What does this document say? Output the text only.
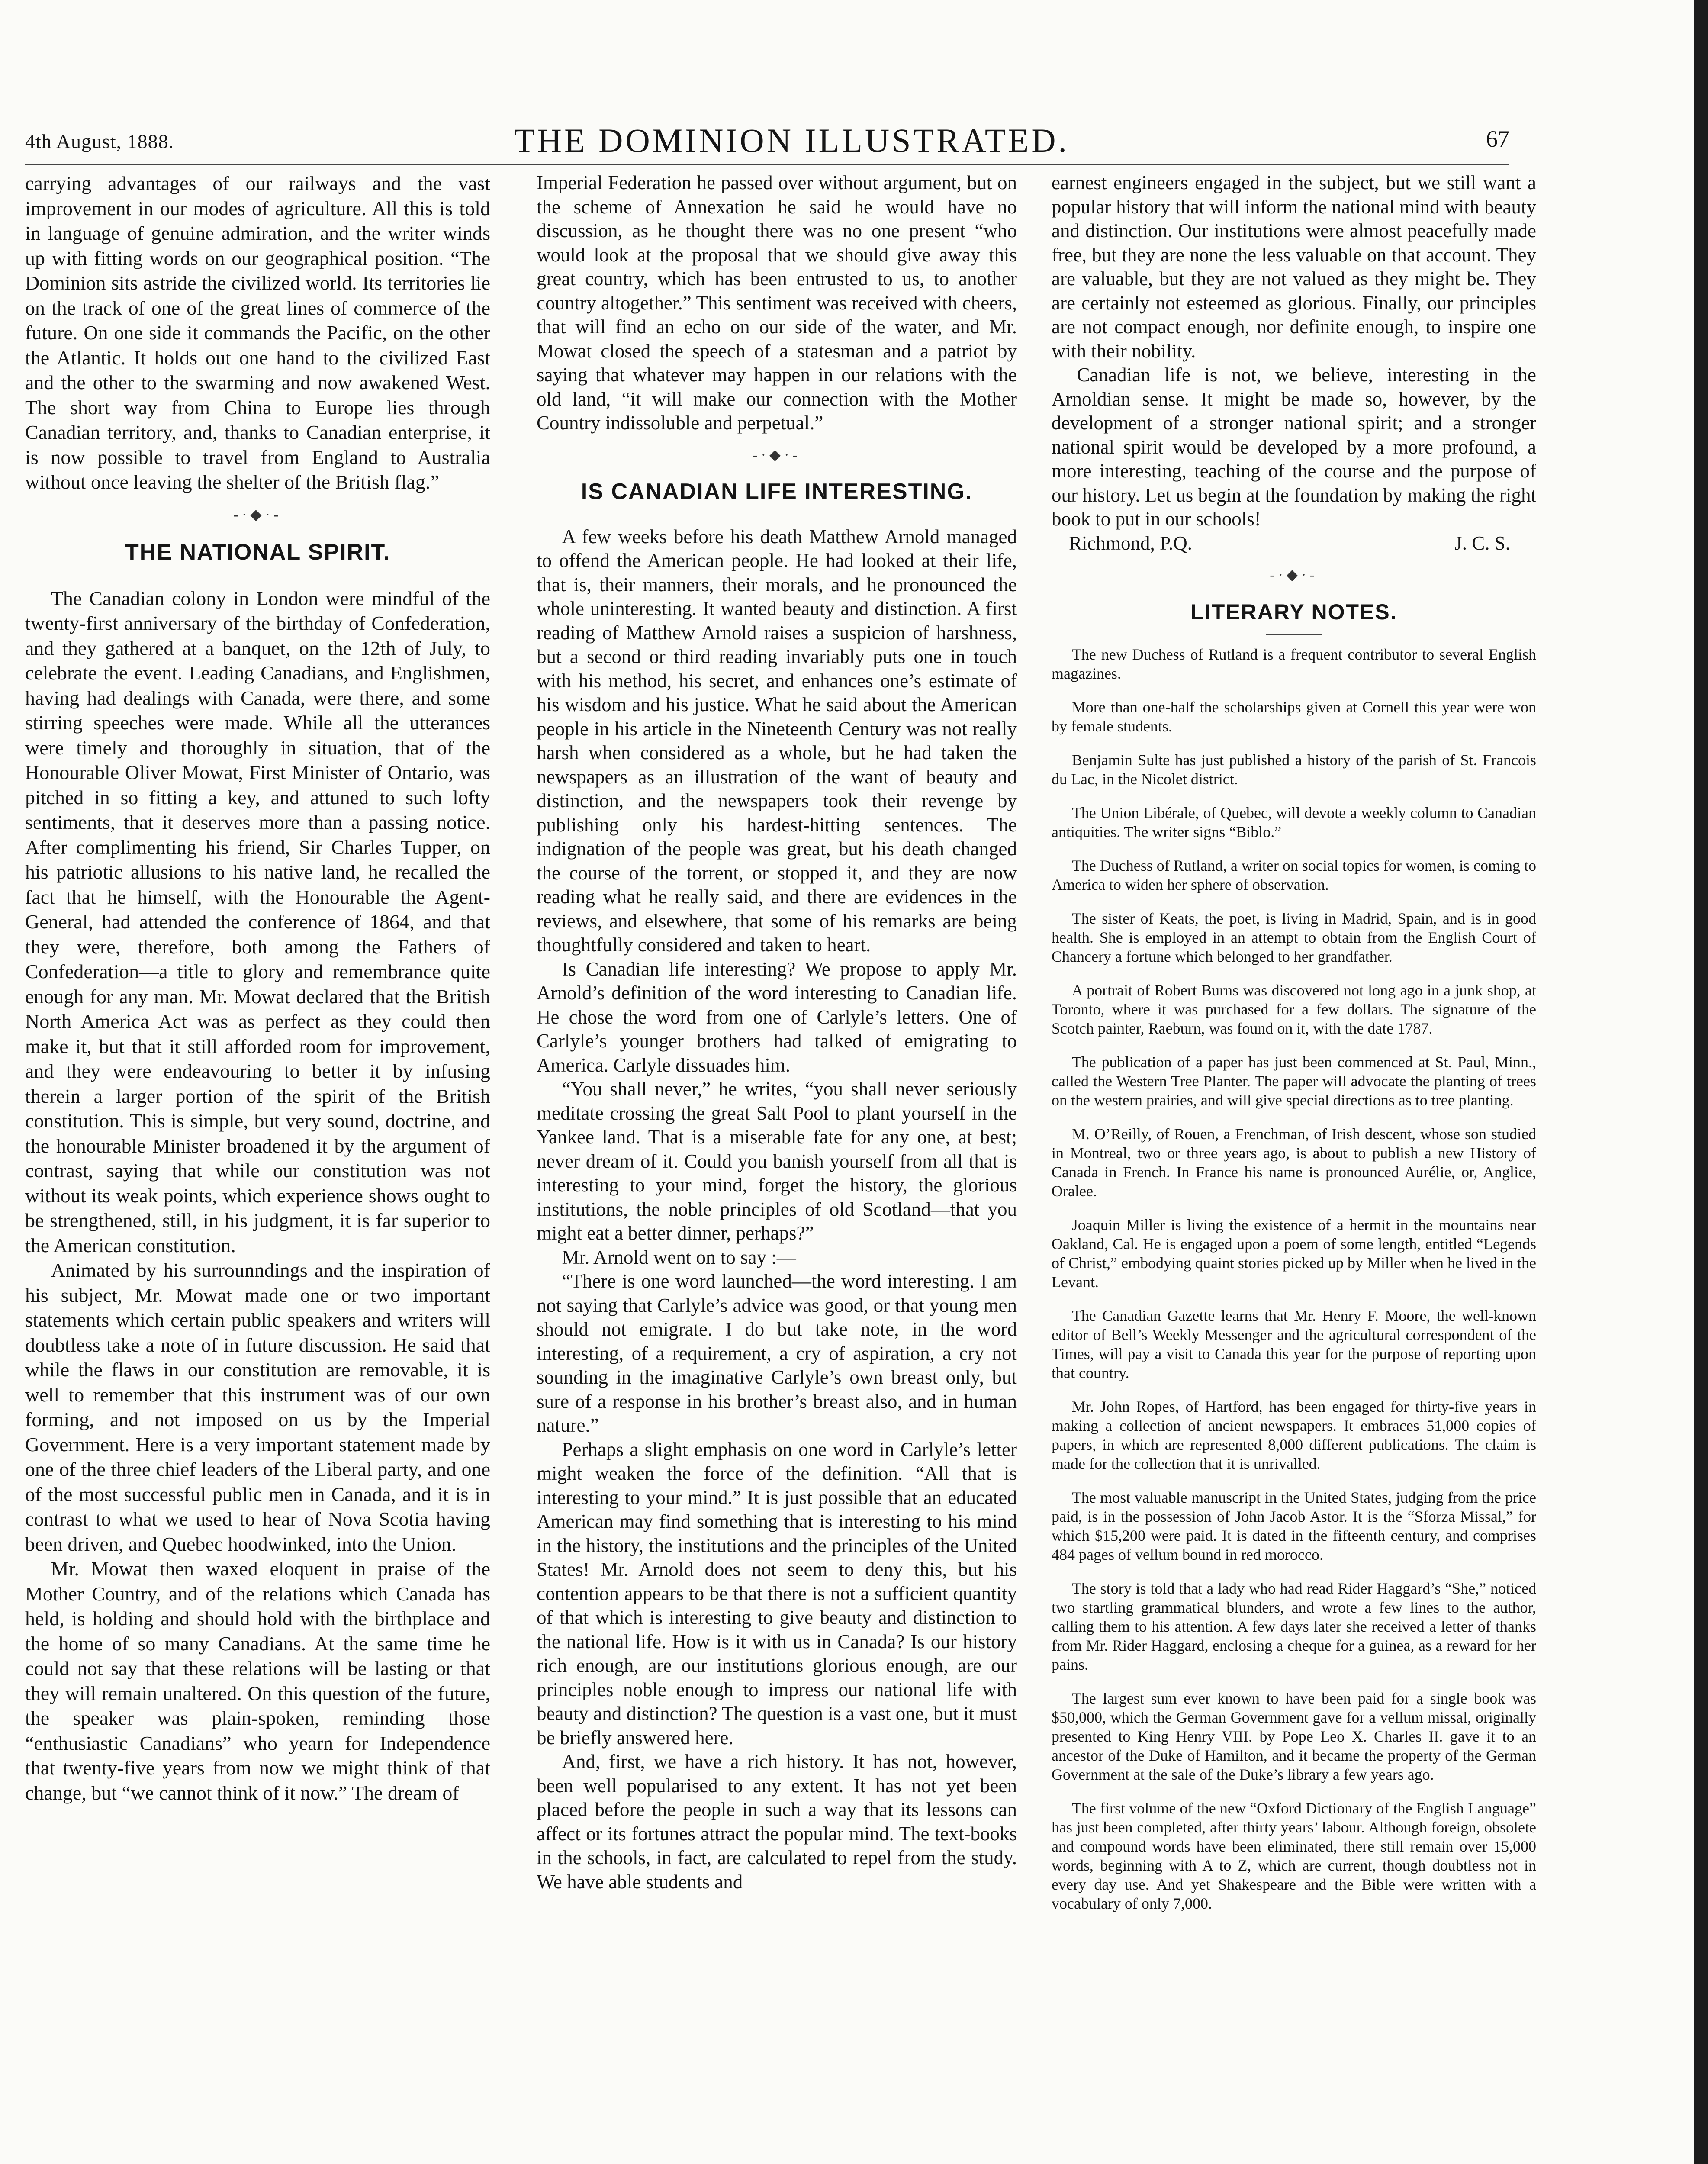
4th August, 1888.	THE DOMINION ILLUSTRATED.	67

carrying advantages of our railways and the vast improvement in our modes of agriculture. All this is told in language of genuine admiration, and the writer winds up with fitting words on our geographical position. “The Dominion sits astride the civilized world. Its territories lie on the track of one of the great lines of commerce of the future. On one side it commands the Pacific, on the other the Atlantic. It holds out one hand to the civilized East and the other to the swarming and now awakened West. The short way from China to Europe lies through Canadian territory, and, thanks to Canadian enterprise, it is now possible to travel from England to Australia without once leaving the shelter of the British flag.”

-·◆·-
THE NATIONAL SPIRIT.

The Canadian colony in London were mindful of the twenty-first anniversary of the birthday of Confederation, and they gathered at a banquet, on the 12th of July, to celebrate the event. Leading Canadians, and Englishmen, having had dealings with Canada, were there, and some stirring speeches were made. While all the utterances were timely and thoroughly in situation, that of the Honourable Oliver Mowat, First Minister of Ontario, was pitched in so fitting a key, and attuned to such lofty sentiments, that it deserves more than a passing notice. After complimenting his friend, Sir Charles Tupper, on his patriotic allusions to his native land, he recalled the fact that he himself, with the Honourable the Agent-General, had attended the conference of 1864, and that they were, therefore, both among the Fathers of Confederation—a title to glory and remembrance quite enough for any man. Mr. Mowat declared that the British North America Act was as perfect as they could then make it, but that it still afforded room for improvement, and they were endeavouring to better it by infusing therein a larger portion of the spirit of the British constitution. This is simple, but very sound, doctrine, and the honourable Minister broadened it by the argument of contrast, saying that while our constitution was not without its weak points, which experience shows ought to be strengthened, still, in his judgment, it is far superior to the American constitution.

Animated by his surrounndings and the inspiration of his subject, Mr. Mowat made one or two important statements which certain public speakers and writers will doubtless take a note of in future discussion. He said that while the flaws in our constitution are removable, it is well to remember that this instrument was of our own forming, and not imposed on us by the Imperial Government. Here is a very important statement made by one of the three chief leaders of the Liberal party, and one of the most successful public men in Canada, and it is in contrast to what we used to hear of Nova Scotia having been driven, and Quebec hoodwinked, into the Union.

Mr. Mowat then waxed eloquent in praise of the Mother Country, and of the relations which Canada has held, is holding and should hold with the birthplace and the home of so many Canadians. At the same time he could not say that these relations will be lasting or that they will remain unaltered. On this question of the future, the speaker was plain-spoken, reminding those “enthusiastic Canadians” who yearn for Independence that twenty-five years from now we might think of that change, but “we cannot think of it now.” The dream of

Imperial Federation he passed over without argument, but on the scheme of Annexation he said he would have no discussion, as he thought there was no one present “who would look at the proposal that we should give away this great country, which has been entrusted to us, to another country altogether.” This sentiment was received with cheers, that will find an echo on our side of the water, and Mr. Mowat closed the speech of a statesman and a patriot by saying that whatever may happen in our relations with the old land, “it will make our connection with the Mother Country indissoluble and perpetual.”

-·◆·-
IS CANADIAN LIFE INTERESTING.

A few weeks before his death Matthew Arnold managed to offend the American people. He had looked at their life, that is, their manners, their morals, and he pronounced the whole uninteresting. It wanted beauty and distinction. A first reading of Matthew Arnold raises a suspicion of harshness, but a second or third reading invariably puts one in touch with his method, his secret, and enhances one’s estimate of his wisdom and his justice. What he said about the American people in his article in the Nineteenth Century was not really harsh when considered as a whole, but he had taken the newspapers as an illustration of the want of beauty and distinction, and the newspapers took their revenge by publishing only his hardest-hitting sentences. The indignation of the people was great, but his death changed the course of the torrent, or stopped it, and they are now reading what he really said, and there are evidences in the reviews, and elsewhere, that some of his remarks are being thoughtfully considered and taken to heart.

Is Canadian life interesting? We propose to apply Mr. Arnold’s definition of the word interesting to Canadian life. He chose the word from one of Carlyle’s letters. One of Carlyle’s younger brothers had talked of emigrating to America. Carlyle dissuades him.

“You shall never,” he writes, “you shall never seriously meditate crossing the great Salt Pool to plant yourself in the Yankee land. That is a miserable fate for any one, at best; never dream of it. Could you banish yourself from all that is interesting to your mind, forget the history, the glorious institutions, the noble principles of old Scotland—that you might eat a better dinner, perhaps?”

Mr. Arnold went on to say :—

“There is one word launched—the word interesting. I am not saying that Carlyle’s advice was good, or that young men should not emigrate. I do but take note, in the word interesting, of a requirement, a cry of aspiration, a cry not sounding in the imaginative Carlyle’s own breast only, but sure of a response in his brother’s breast also, and in human nature.”

Perhaps a slight emphasis on one word in Carlyle’s letter might weaken the force of the definition. “All that is interesting to your mind.” It is just possible that an educated American may find something that is interesting to his mind in the history, the institutions and the principles of the United States! Mr. Arnold does not seem to deny this, but his contention appears to be that there is not a sufficient quantity of that which is interesting to give beauty and distinction to the national life. How is it with us in Canada? Is our history rich enough, are our institutions glorious enough, are our principles noble enough to impress our national life with beauty and distinction? The question is a vast one, but it must be briefly answered here.

And, first, we have a rich history. It has not, however, been well popularised to any extent. It has not yet been placed before the people in such a way that its lessons can affect or its fortunes attract the popular mind. The text-books in the schools, in fact, are calculated to repel from the study. We have able students and

earnest engineers engaged in the subject, but we still want a popular history that will inform the national mind with beauty and distinction. Our institutions were almost peacefully made free, but they are none the less valuable on that account. They are valuable, but they are not valued as they might be. They are certainly not esteemed as glorious. Finally, our principles are not compact enough, nor definite enough, to inspire one with their nobility.

Canadian life is not, we believe, interesting in the Arnoldian sense. It might be made so, however, by the development of a stronger national spirit; and a stronger national spirit would be developed by a more profound, a more interesting, teaching of the course and the purpose of our history. Let us begin at the foundation by making the right book to put in our schools!

Richmond, P.Q.	J. C. S.
-·◆·-
LITERARY NOTES.

The new Duchess of Rutland is a frequent contributor to several English magazines.

More than one-half the scholarships given at Cornell this year were won by female students.

Benjamin Sulte has just published a history of the parish of St. Francois du Lac, in the Nicolet district.

The Union Libérale, of Quebec, will devote a weekly column to Canadian antiquities. The writer signs “Biblo.”

The Duchess of Rutland, a writer on social topics for women, is coming to America to widen her sphere of observation.

The sister of Keats, the poet, is living in Madrid, Spain, and is in good health. She is employed in an attempt to obtain from the English Court of Chancery a fortune which belonged to her grandfather.

A portrait of Robert Burns was discovered not long ago in a junk shop, at Toronto, where it was purchased for a few dollars. The signature of the Scotch painter, Raeburn, was found on it, with the date 1787.

The publication of a paper has just been commenced at St. Paul, Minn., called the Western Tree Planter. The paper will advocate the planting of trees on the western prairies, and will give special directions as to tree planting.

M. O’Reilly, of Rouen, a Frenchman, of Irish descent, whose son studied in Montreal, two or three years ago, is about to publish a new History of Canada in French. In France his name is pronounced Aurélie, or, Anglice, Oralee.

Joaquin Miller is living the existence of a hermit in the mountains near Oakland, Cal. He is engaged upon a poem of some length, entitled “Legends of Christ,” embodying quaint stories picked up by Miller when he lived in the Levant.

The Canadian Gazette learns that Mr. Henry F. Moore, the well-known editor of Bell’s Weekly Messenger and the agricultural correspondent of the Times, will pay a visit to Canada this year for the purpose of reporting upon that country.

Mr. John Ropes, of Hartford, has been engaged for thirty-five years in making a collection of ancient newspapers. It embraces 51,000 copies of papers, in which are represented 8,000 different publications. The claim is made for the collection that it is unrivalled.

The most valuable manuscript in the United States, judging from the price paid, is in the possession of John Jacob Astor. It is the “Sforza Missal,” for which $15,200 were paid. It is dated in the fifteenth century, and comprises 484 pages of vellum bound in red morocco.

The story is told that a lady who had read Rider Haggard’s “She,” noticed two startling grammatical blunders, and wrote a few lines to the author, calling them to his attention. A few days later she received a letter of thanks from Mr. Rider Haggard, enclosing a cheque for a guinea, as a reward for her pains.

The largest sum ever known to have been paid for a single book was $50,000, which the German Government gave for a vellum missal, originally presented to King Henry VIII. by Pope Leo X. Charles II. gave it to an ancestor of the Duke of Hamilton, and it became the property of the German Government at the sale of the Duke’s library a few years ago.

The first volume of the new “Oxford Dictionary of the English Language” has just been completed, after thirty years’ labour. Although foreign, obsolete and compound words have been eliminated, there still remain over 15,000 words, beginning with A to Z, which are current, though doubtless not in every day use. And yet Shakespeare and the Bible were written with a vocabulary of only 7,000.
